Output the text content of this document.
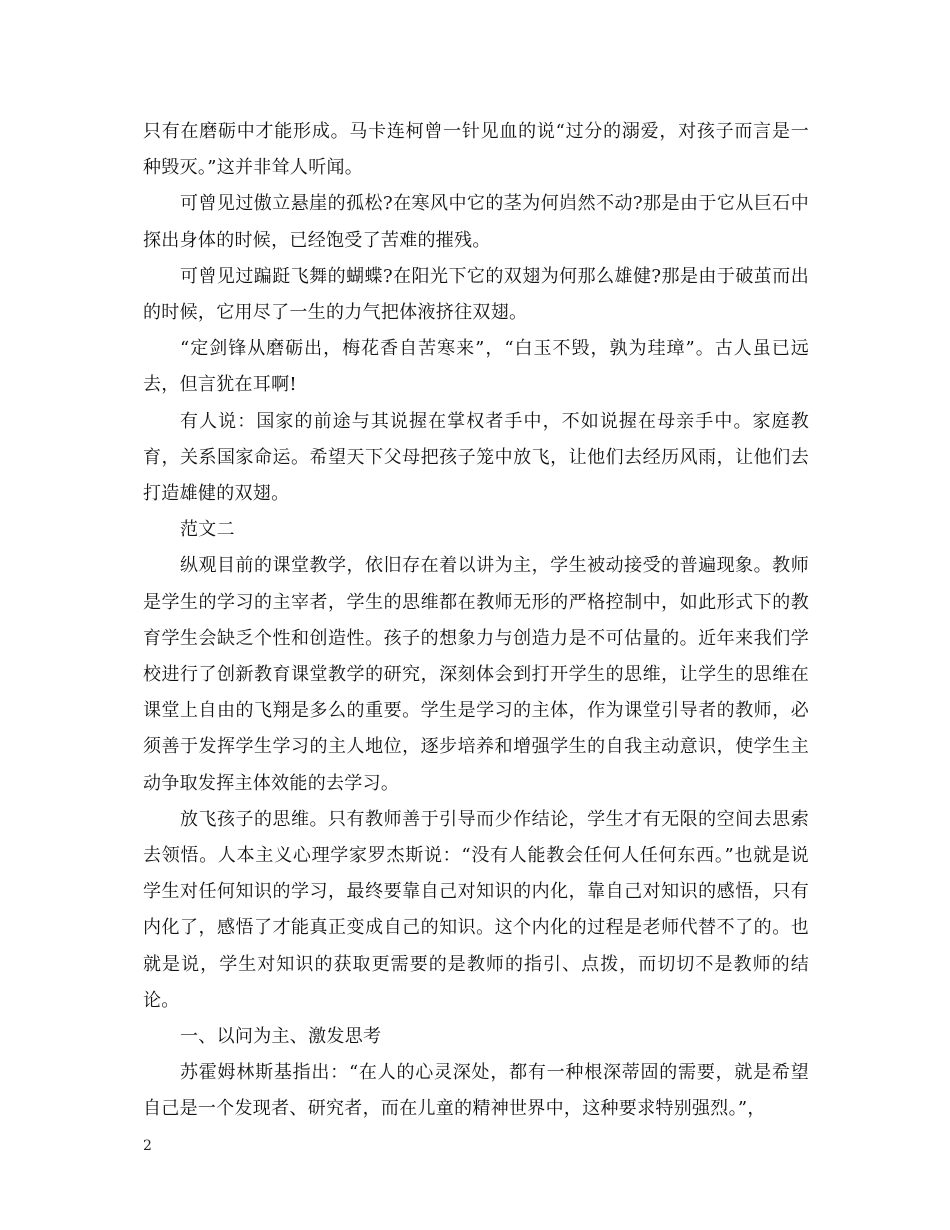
只有在磨砺中才能形成。马卡连柯曾一针见血的说“过分的溺爱，对孩子而言是一种毁灭。”这并非耸人听闻。

可曾见过傲立悬崖的孤松?在寒风中它的茎为何岿然不动?那是由于它从巨石中探出身体的时候，已经饱受了苦难的摧残。

可曾见过蹁跹飞舞的蝴蝶?在阳光下它的双翅为何那么雄健?那是由于破茧而出的时候，它用尽了一生的力气把体液挤往双翅。

“定剑锋从磨砺出，梅花香自苦寒来”，“白玉不毁，孰为珪璋”。古人虽已远去，但言犹在耳啊!

有人说：国家的前途与其说握在掌权者手中，不如说握在母亲手中。家庭教育，关系国家命运。希望天下父母把孩子笼中放飞，让他们去经历风雨，让他们去打造雄健的双翅。

范文二

纵观目前的课堂教学，依旧存在着以讲为主，学生被动接受的普遍现象。教师是学生的学习的主宰者，学生的思维都在教师无形的严格控制中，如此形式下的教育学生会缺乏个性和创造性。孩子的想象力与创造力是不可估量的。近年来我们学校进行了创新教育课堂教学的研究，深刻体会到打开学生的思维，让学生的思维在课堂上自由的飞翔是多么的重要。学生是学习的主体，作为课堂引导者的教师，必须善于发挥学生学习的主人地位，逐步培养和增强学生的自我主动意识，使学生主动争取发挥主体效能的去学习。

放飞孩子的思维。只有教师善于引导而少作结论，学生才有无限的空间去思索去领悟。人本主义心理学家罗杰斯说：“没有人能教会任何人任何东西。”也就是说学生对任何知识的学习，最终要靠自己对知识的内化，靠自己对知识的感悟，只有内化了，感悟了才能真正变成自己的知识。这个内化的过程是老师代替不了的。也就是说，学生对知识的获取更需要的是教师的指引、点拨，而切切不是教师的结论。

一、以问为主、激发思考

苏霍姆林斯基指出：“在人的心灵深处，都有一种根深蒂固的需要，就是希望自己是一个发现者、研究者，而在儿童的精神世界中，这种要求特别强烈。”，

2
